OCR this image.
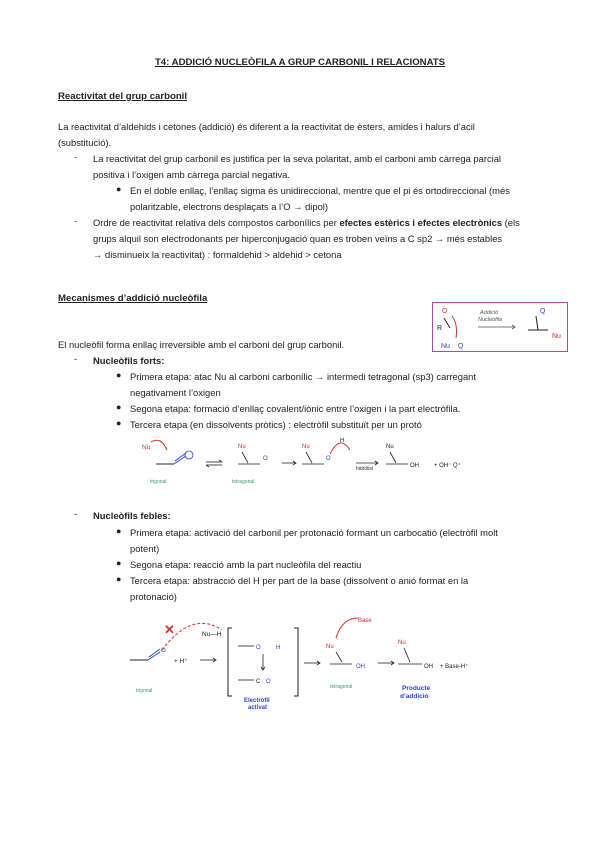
T4: ADDICIÓ NUCLEÒFILA A GRUP CARBONIL I RELACIONATS
Reactivitat del grup carbonil
La reactivitat d’aldehids i cetones (addició) és diferent a la reactivitat de èsters, amides i halurs d’acil
(substitució).
- La reactivitat del grup carbonil es justifica per la seva polaritat, amb el carboni amb càrrega parcial
positiva i l’oxigen amb càrrega parcial negativa.
● En el doble enllaç, l’enllaç sigma és unidireccional, mentre que el pi és ortodireccional (més
polaritzable, electrons desplaçats a l’O → dipol)
- Ordre de reactivitat relativa dels compostos carbonílics per efectes estèrics i efectes electrònics (els
grups alquil son electrodonants per hiperconjugació quan es troben veïns a C sp2 → més estables
→ disminueix la reactivitat) : formaldehid > aldehid > cetona
Mecanismes d’addició nucleòfila
O
R
Nu Q
Addició
Nucleòfila
Q
Nu
El nucleòfil forma enllaç irreversible amb el carboni del grup carbonil.
- Nucleòfils forts:
● Primera etapa: atac Nu al carboni carbonílic → intermedi tetragonal (sp3) carregant
negativament l’oxigen
● Segona etapa: formació d’enllaç covalent/iònic entre l’oxigen i la part electròfila.
● Tercera etapa (en dissolvents pròtics) : electròfil substituït per un protó
Nu
trigonal
Nu
O
tetragonal
Nu
O
H
hidròlisi
Nu
OH	+ OH⁻ Q⁺
- Nucleòfils febles:
● Primera etapa: activació del carbonil per protonació formant un carbocatió (electròfil molt
potent)
● Segona etapa: reacció amb la part nucleòfila del reactiu
● Tercera etapa: abstracció del H per part de la base (dissolvent o anió format en la
protonació)
✕	Nu—H
O
+ H⁺
trigonal
O	H
C O
Electròfil
activat
Base
Nu
OH
tetragonal
Nu
OH + Base-H⁺
Producte
d’addició
